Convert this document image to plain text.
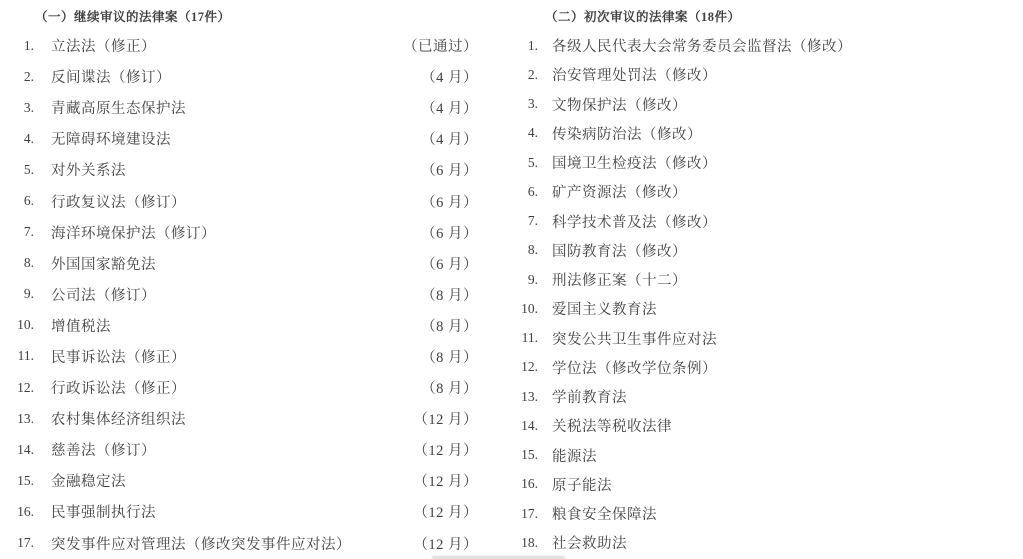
（一）继续审议的法律案（17件）	（二）初次审议的法律案（18件）
1. 立法法（修正）	（已通过）
2. 反间谍法（修订）	（4 月）
3. 青藏高原生态保护法	（4 月）
4. 无障碍环境建设法	（4 月）
5. 对外关系法	（6 月）
6. 行政复议法（修订）	（6 月）
7. 海洋环境保护法（修订）	（6 月）
8. 外国国家豁免法	（6 月）
9. 公司法（修订）	（8 月）
10. 增值税法	（8 月）
11. 民事诉讼法（修正）	（8 月）
12. 行政诉讼法（修正）	（8 月）
13. 农村集体经济组织法	（12 月）
14. 慈善法（修订）	（12 月）
15. 金融稳定法	（12 月）
16. 民事强制执行法	（12 月）
17. 突发事件应对管理法（修改突发事件应对法）	（12 月）
1. 各级人民代表大会常务委员会监督法（修改）
2. 治安管理处罚法（修改）
3. 文物保护法（修改）
4. 传染病防治法（修改）
5. 国境卫生检疫法（修改）
6. 矿产资源法（修改）
7. 科学技术普及法（修改）
8. 国防教育法（修改）
9. 刑法修正案（十二）
10. 爱国主义教育法
11. 突发公共卫生事件应对法
12. 学位法（修改学位条例）
13. 学前教育法
14. 关税法等税收法律
15. 能源法
16. 原子能法
17. 粮食安全保障法
18. 社会救助法
